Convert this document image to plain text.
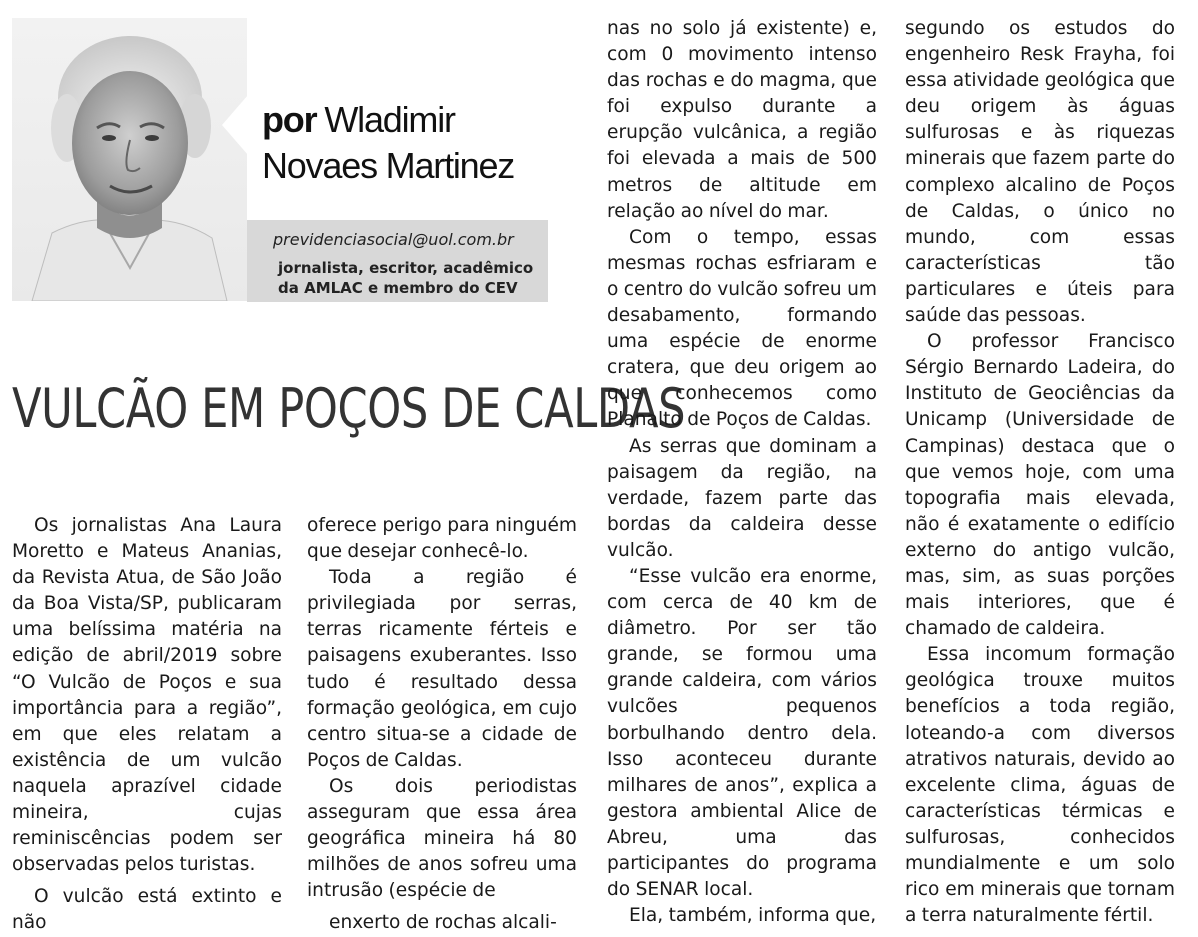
por Wladimir
Novaes Martinez
previdenciasocial@uol.com.br
jornalista, escritor, acadêmico
da AMLAC e membro do CEV
VULCÃO EM POÇOS DE CALDAS

Os jornalistas Ana Laura Moretto e Mateus Ananias, da Revista Atua, de São João da Boa Vista/SP, publicaram uma belíssima matéria na edição de abril/2019 sobre “O Vulcão de Poços e sua importância para a região”, em que eles relatam a existência de um vulcão naquela aprazível cidade mineira, cujas reminiscências podem ser observadas pelos turistas.

O vulcão está extinto e não

oferece perigo para ninguém que desejar conhecê-lo.

Toda a região é privilegiada por serras, terras ricamente férteis e paisagens exuberantes. Isso tudo é resultado dessa formação geológica, em cujo centro situa-se a cidade de Poços de Caldas.

Os dois periodistas asseguram que essa área geográfica mineira há 80 milhões de anos sofreu uma intrusão (espécie de

enxerto de rochas alcali-

nas no solo já existente) e, com 0 movimento intenso das rochas e do magma, que foi expulso durante a erupção vulcânica, a região foi elevada a mais de 500 metros de altitude em relação ao nível do mar.

Com o tempo, essas mesmas rochas esfriaram e o centro do vulcão sofreu um desabamento, formando uma espécie de enorme cratera, que deu origem ao que conhecemos como Planalto de Poços de Caldas.

As serras que dominam a paisagem da região, na verdade, fazem parte das bordas da caldeira desse vulcão.

“Esse vulcão era enorme, com cerca de 40 km de diâmetro. Por ser tão grande, se formou uma grande caldeira, com vários vulcões pequenos borbulhando dentro dela. Isso aconteceu durante milhares de anos”, explica a gestora ambiental Alice de Abreu, uma das participantes do programa do SENAR local.

Ela, também, informa que,

segundo os estudos do engenheiro Resk Frayha, foi essa atividade geológica que deu origem às águas sulfurosas e às riquezas minerais que fazem parte do complexo alcalino de Poços de Caldas, o único no mundo, com essas características tão particulares e úteis para saúde das pessoas.

O professor Francisco Sérgio Bernardo Ladeira, do Instituto de Geociências da Unicamp (Universidade de Campinas) destaca que o que vemos hoje, com uma topografia mais elevada, não é exatamente o edifício externo do antigo vulcão, mas, sim, as suas porções mais interiores, que é chamado de caldeira.

Essa incomum formação geológica trouxe muitos benefícios a toda região, loteando-a com diversos atrativos naturais, devido ao excelente clima, águas de características térmicas e sulfurosas, conhecidos mundialmente e um solo rico em minerais que tornam a terra naturalmente fértil.
